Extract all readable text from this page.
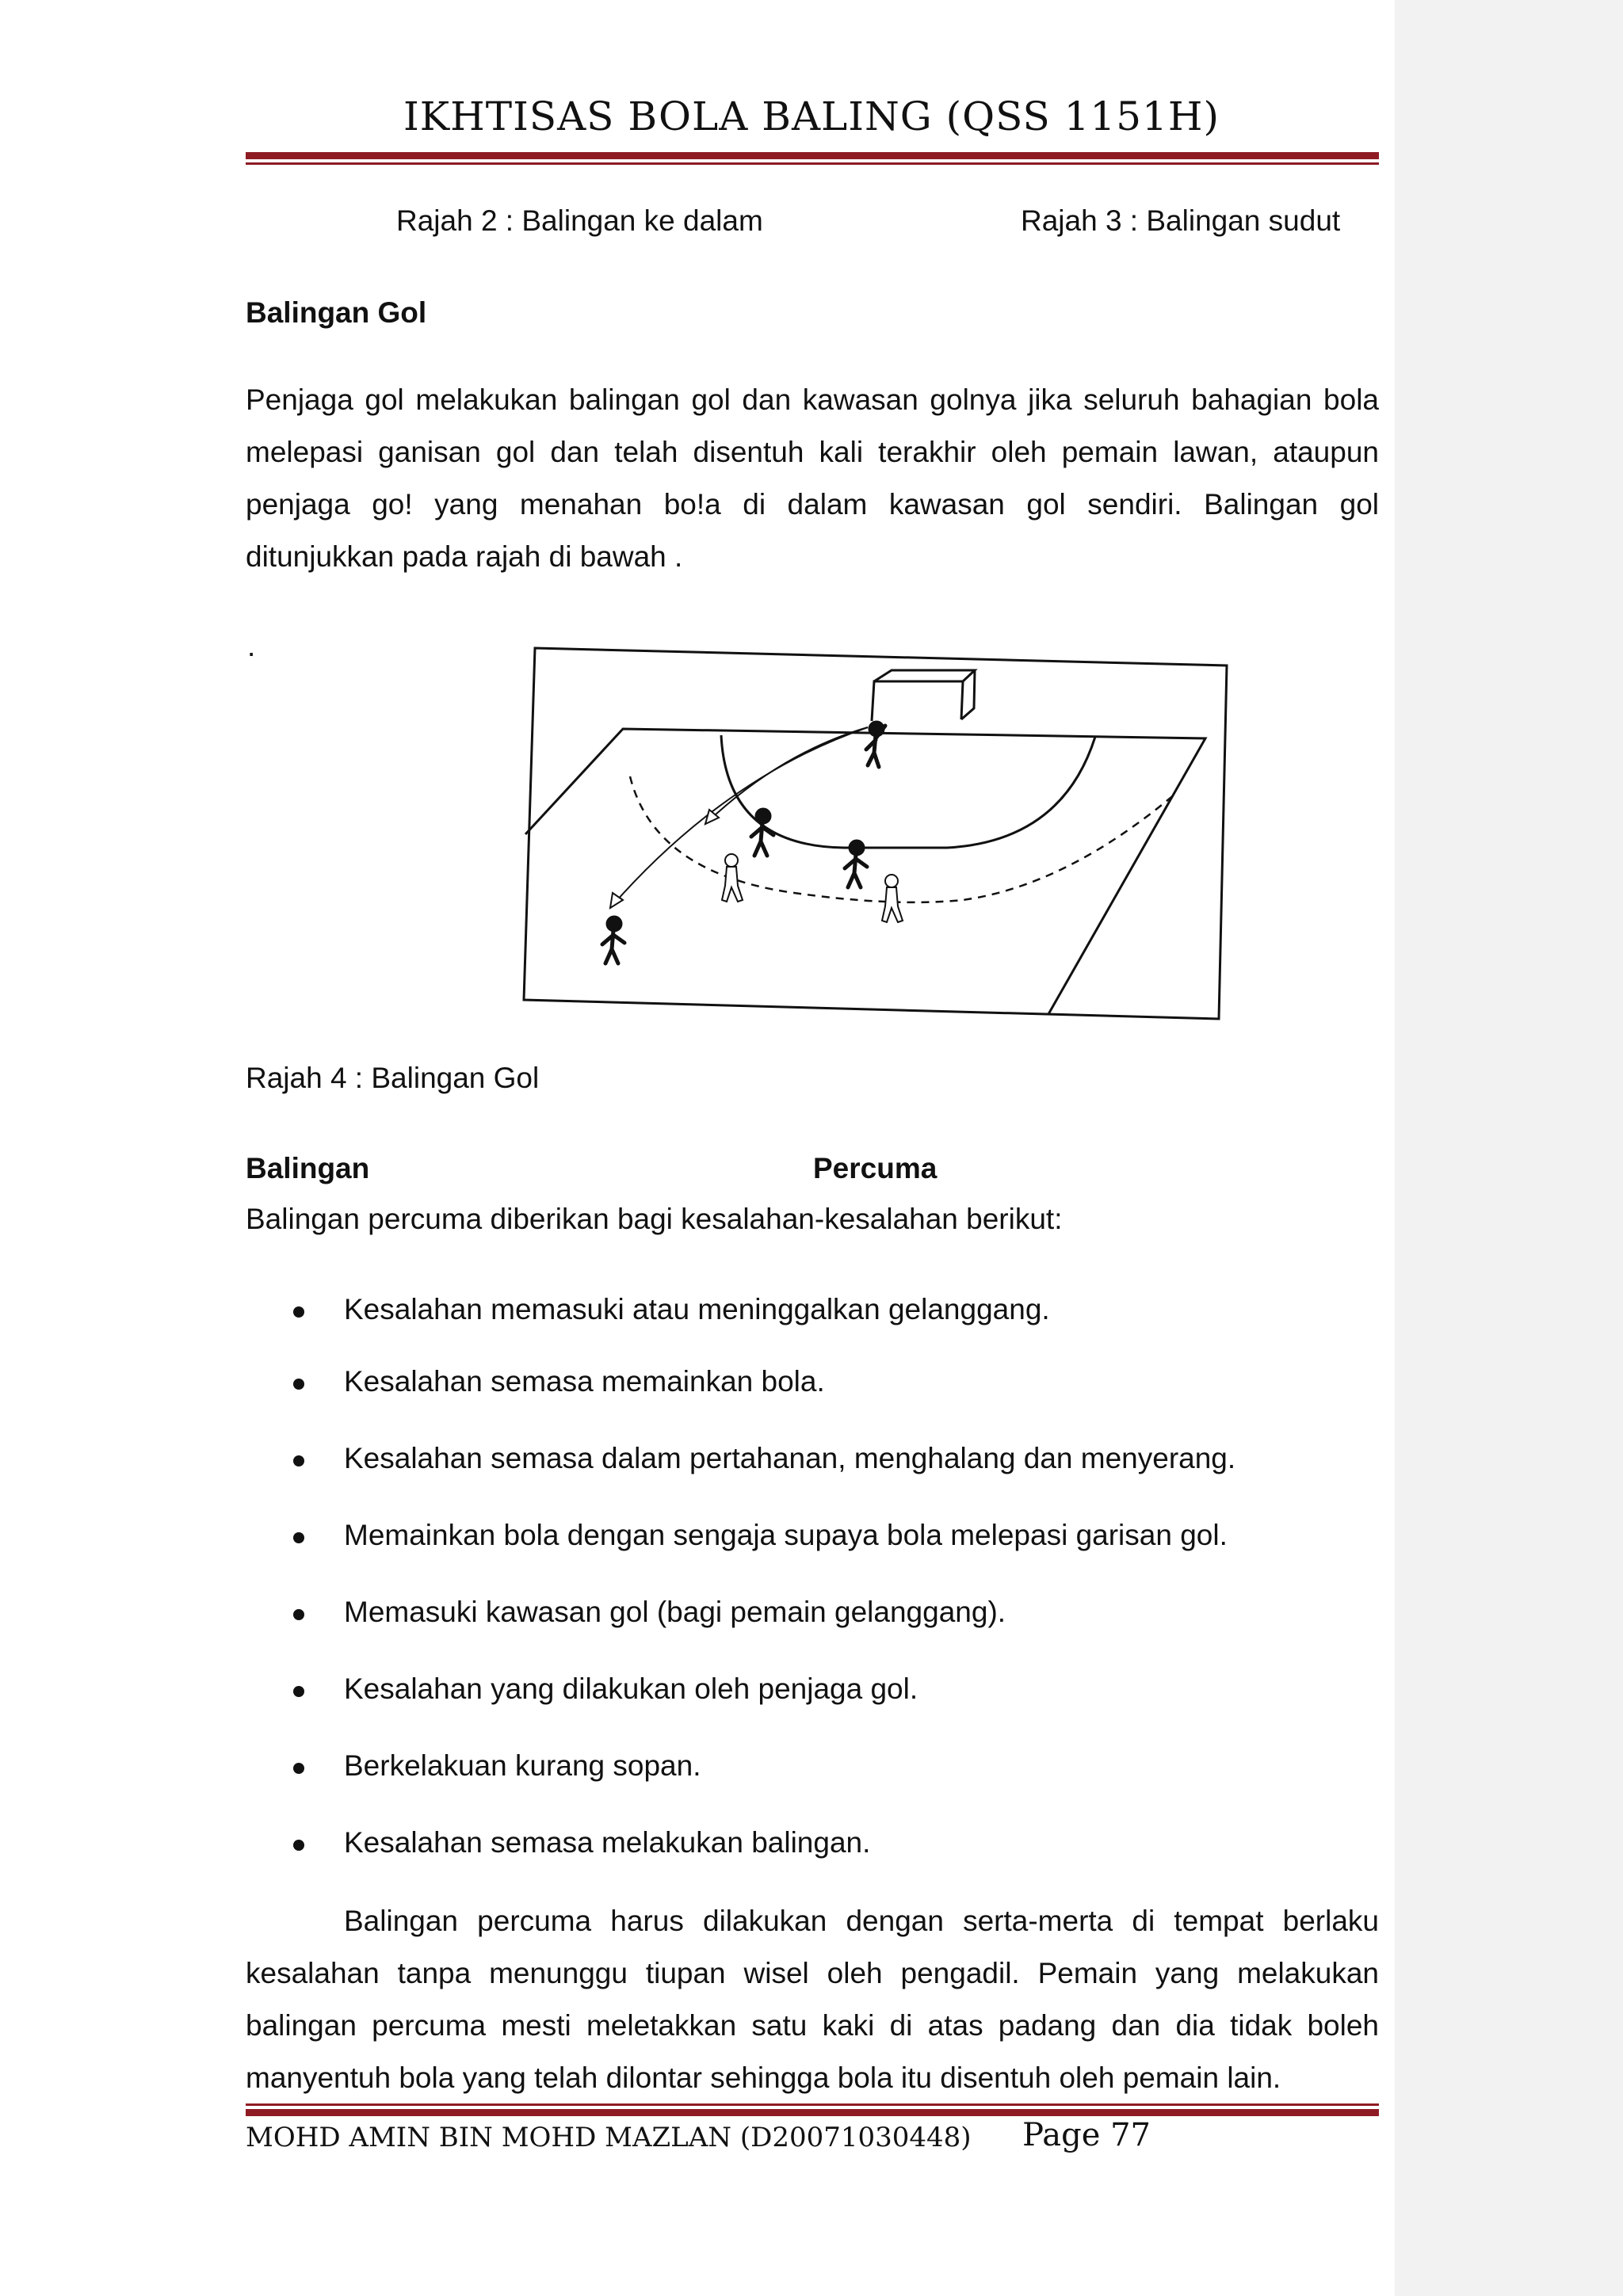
IKHTISAS BOLA BALING (QSS 1151H)
Rajah 2 : Balingan ke dalam	Rajah 3 : Balingan sudut
Balingan Gol
Penjaga gol melakukan balingan gol dan kawasan golnya jika seluruh bahagian bola melepasi ganisan gol dan telah disentuh kali terakhir oleh pemain lawan, ataupun penjaga go! yang menahan bo!a di dalam kawasan gol sendiri. Balingan gol ditunjukkan pada rajah di bawah .
.
Rajah 4 : Balingan Gol
Balingan	Percuma
Balingan percuma diberikan bagi kesalahan-kesalahan berikut:
Kesalahan memasuki atau meninggalkan gelanggang.
Kesalahan semasa memainkan bola.
Kesalahan semasa dalam pertahanan, menghalang dan menyerang.
Memainkan bola dengan sengaja supaya bola melepasi garisan gol.
Memasuki kawasan gol (bagi pemain gelanggang).
Kesalahan yang dilakukan oleh penjaga gol.
Berkelakuan kurang sopan.
Kesalahan semasa melakukan balingan.
Balingan percuma harus dilakukan dengan serta-merta di tempat berlaku kesalahan tanpa menunggu tiupan wisel oleh pengadil. Pemain yang melakukan balingan percuma mesti meletakkan satu kaki di atas padang dan dia tidak boleh manyentuh bola yang telah dilontar sehingga bola itu disentuh oleh pemain lain.
MOHD AMIN BIN MOHD MAZLAN (D20071030448) Page 77
